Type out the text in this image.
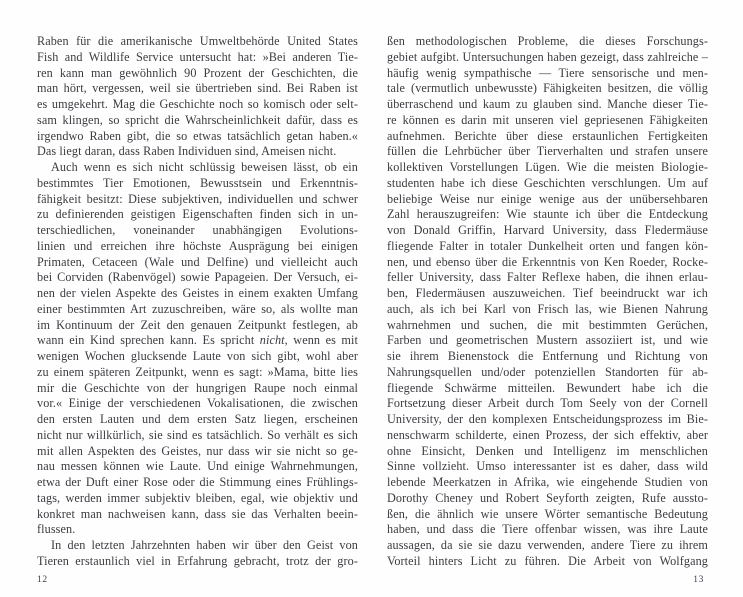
Raben für die amerikanische Umweltbehörde United States
Fish and Wildlife Service untersucht hat: »Bei anderen Tie-
ren kann man gewöhnlich 90 Prozent der Geschichten, die
man hört, vergessen, weil sie übertrieben sind. Bei Raben ist
es umgekehrt. Mag die Geschichte noch so komisch oder selt-
sam klingen, so spricht die Wahrscheinlichkeit dafür, dass es
irgendwo Raben gibt, die so etwas tatsächlich getan haben.«
Das liegt daran, dass Raben Individuen sind, Ameisen nicht.
Auch wenn es sich nicht schlüssig beweisen lässt, ob ein
bestimmtes Tier Emotionen, Bewusstsein und Erkenntnis-
fähigkeit besitzt: Diese subjektiven, individuellen und schwer
zu definierenden geistigen Eigenschaften finden sich in un-
terschiedlichen, voneinander unabhängigen Evolutions-
linien und erreichen ihre höchste Ausprägung bei einigen
Primaten, Cetaceen (Wale und Delfine) und vielleicht auch
bei Corviden (Rabenvögel) sowie Papageien. Der Versuch, ei-
nen der vielen Aspekte des Geistes in einem exakten Umfang
einer bestimmten Art zuzuschreiben, wäre so, als wollte man
im Kontinuum der Zeit den genauen Zeitpunkt festlegen, ab
wann ein Kind sprechen kann. Es spricht nicht, wenn es mit
wenigen Wochen glucksende Laute von sich gibt, wohl aber
zu einem späteren Zeitpunkt, wenn es sagt: »Mama, bitte lies
mir die Geschichte von der hungrigen Raupe noch einmal
vor.« Einige der verschiedenen Vokalisationen, die zwischen
den ersten Lauten und dem ersten Satz liegen, erscheinen
nicht nur willkürlich, sie sind es tatsächlich. So verhält es sich
mit allen Aspekten des Geistes, nur dass wir sie nicht so ge-
nau messen können wie Laute. Und einige Wahrnehmungen,
etwa der Duft einer Rose oder die Stimmung eines Frühlings-
tags, werden immer subjektiv bleiben, egal, wie objektiv und
konkret man nachweisen kann, dass sie das Verhalten beein-
flussen.
In den letzten Jahrzehnten haben wir über den Geist von
Tieren erstaunlich viel in Erfahrung gebracht, trotz der gro-
ßen methodologischen Probleme, die dieses Forschungs-
gebiet aufgibt. Untersuchungen haben gezeigt, dass zahlreiche –
häufig wenig sympathische — Tiere sensorische und men-
tale (vermutlich unbewusste) Fähigkeiten besitzen, die völlig
überraschend und kaum zu glauben sind. Manche dieser Tie-
re können es darin mit unseren viel gepriesenen Fähigkeiten
aufnehmen. Berichte über diese erstaunlichen Fertigkeiten
füllen die Lehrbücher über Tierverhalten und strafen unsere
kollektiven Vorstellungen Lügen. Wie die meisten Biologie-
studenten habe ich diese Geschichten verschlungen. Um auf
beliebige Weise nur einige wenige aus der unübersehbaren
Zahl herauszugreifen: Wie staunte ich über die Entdeckung
von Donald Griffin, Harvard University, dass Fledermäuse
fliegende Falter in totaler Dunkelheit orten und fangen kön-
nen, und ebenso über die Erkenntnis von Ken Roeder, Rocke-
feller University, dass Falter Reflexe haben, die ihnen erlau-
ben, Fledermäusen auszuweichen. Tief beeindruckt war ich
auch, als ich bei Karl von Frisch las, wie Bienen Nahrung
wahrnehmen und suchen, die mit bestimmten Gerüchen,
Farben und geometrischen Mustern assoziiert ist, und wie
sie ihrem Bienenstock die Entfernung und Richtung von
Nahrungsquellen und/oder potenziellen Standorten für ab-
fliegende Schwärme mitteilen. Bewundert habe ich die
Fortsetzung dieser Arbeit durch Tom Seely von der Cornell
University, der den komplexen Entscheidungsprozess im Bie-
nenschwarm schilderte, einen Prozess, der sich effektiv, aber
ohne Einsicht, Denken und Intelligenz im menschlichen
Sinne vollzieht. Umso interessanter ist es daher, dass wild
lebende Meerkatzen in Afrika, wie eingehende Studien von
Dorothy Cheney und Robert Seyforth zeigten, Rufe aussto-
ßen, die ähnlich wie unsere Wörter semantische Bedeutung
haben, und dass die Tiere offenbar wissen, was ihre Laute
aussagen, da sie sie dazu verwenden, andere Tiere zu ihrem
Vorteil hinters Licht zu führen. Die Arbeit von Wolfgang
12	13
